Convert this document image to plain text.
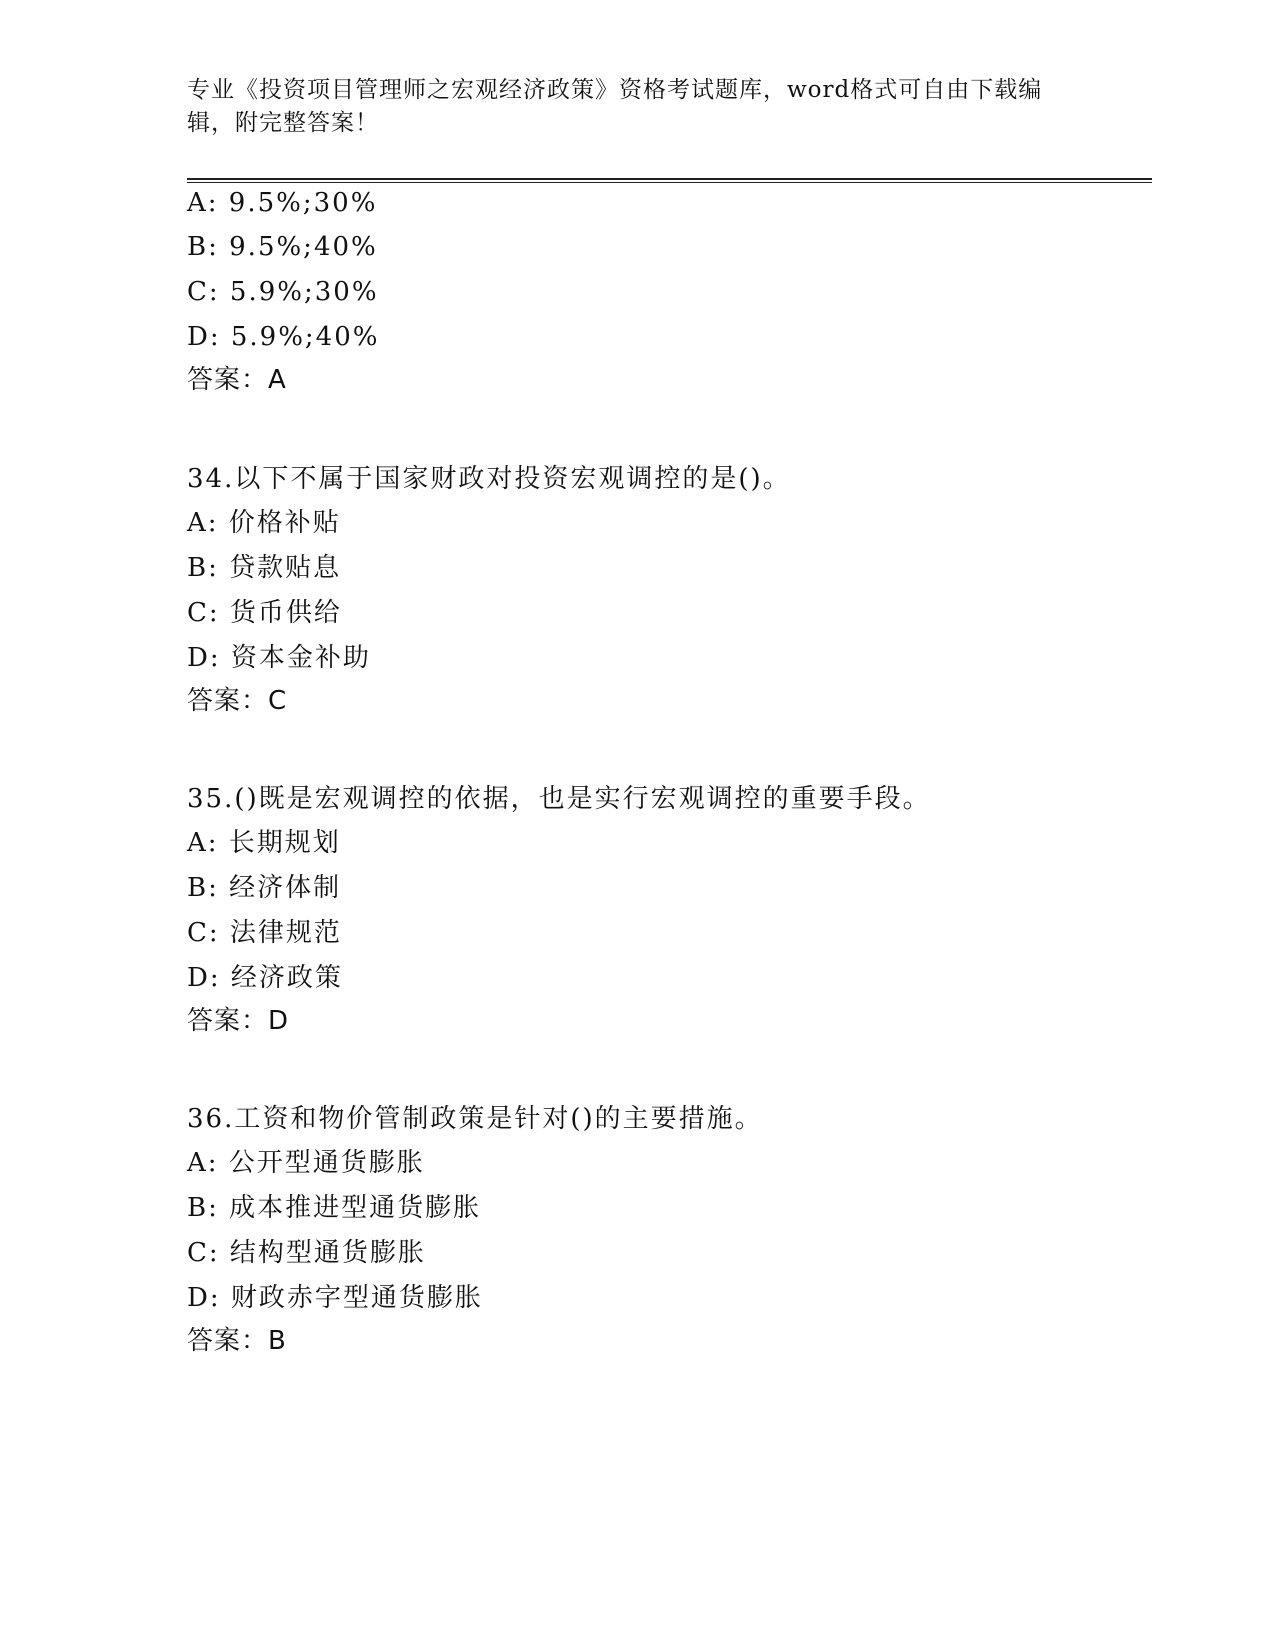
专业《投资项目管理师之宏观经济政策》资格考试题库，word格式可自由下载编辑，附完整答案！

A: 9.5%;30%

B: 9.5%;40%

C: 5.9%;30%

D: 5.9%;40%

答案：A

34.以下不属于国家财政对投资宏观调控的是()。

A: 价格补贴

B: 贷款贴息

C: 货币供给

D: 资本金补助

答案：C

35.()既是宏观调控的依据，也是实行宏观调控的重要手段。

A: 长期规划

B: 经济体制

C: 法律规范

D: 经济政策

答案：D

36.工资和物价管制政策是针对()的主要措施。

A: 公开型通货膨胀

B: 成本推进型通货膨胀

C: 结构型通货膨胀

D: 财政赤字型通货膨胀

答案：B
